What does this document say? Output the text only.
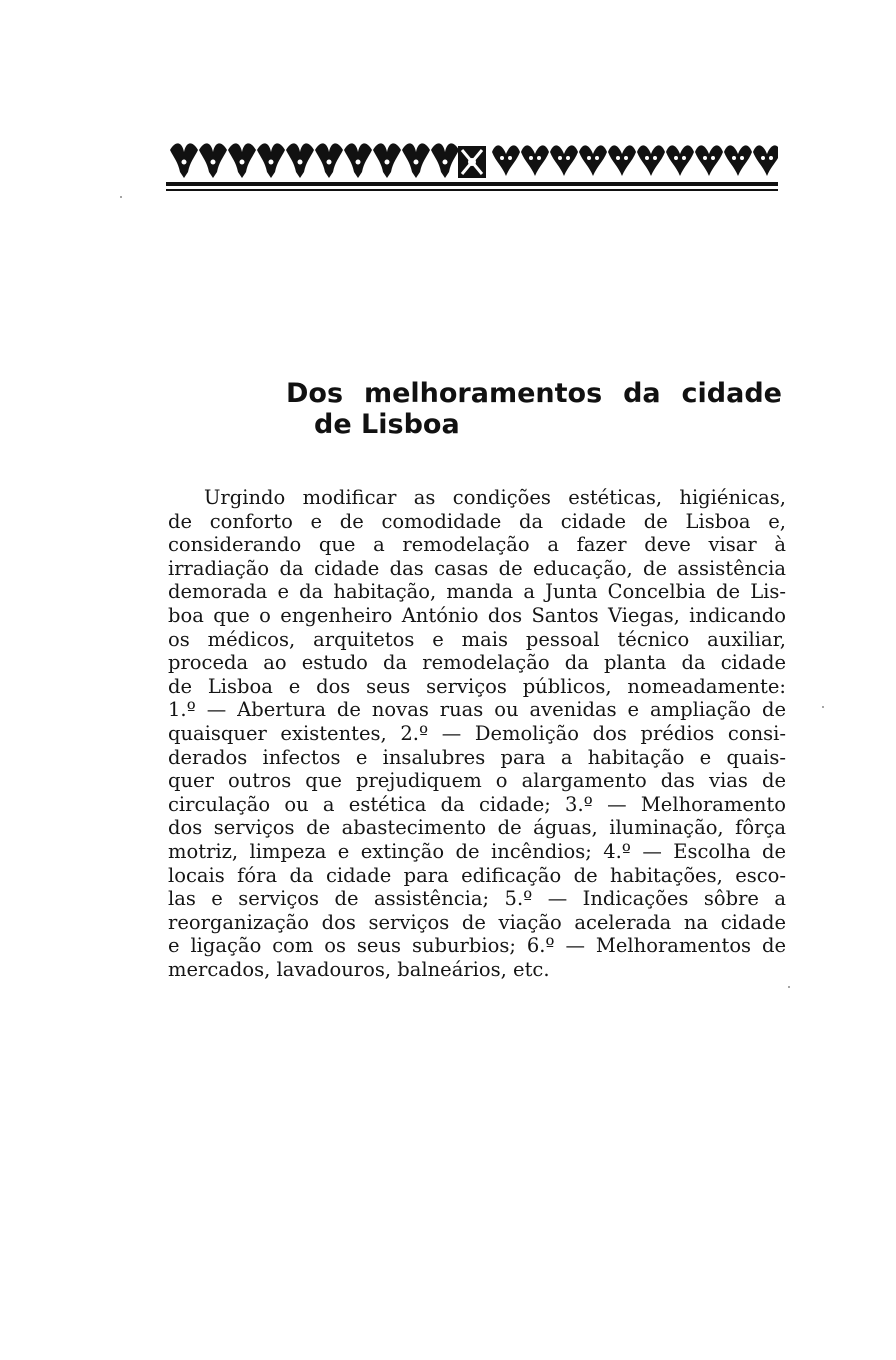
Dos melhoramentos da cidade
de Lisboa
Urgindo modificar as condições estéticas, higiénicas,
de conforto e de comodidade da cidade de Lisboa e,
considerando que a remodelação a fazer deve visar à
irradiação da cidade das casas de educação, de assistência
demorada e da habitação, manda a Junta Concelbia de Lis-
boa que o engenheiro António dos Santos Viegas, indicando
os médicos, arquitetos e mais pessoal técnico auxiliar,
proceda ao estudo da remodelação da planta da cidade
de Lisboa e dos seus serviços públicos, nomeadamente:
1.º — Abertura de novas ruas ou avenidas e ampliação de
quaisquer existentes, 2.º — Demolição dos prédios consi-
derados infectos e insalubres para a habitação e quais-
quer outros que prejudiquem o alargamento das vias de
circulação ou a estética da cidade; 3.º — Melhoramento
dos serviços de abastecimento de águas, iluminação, fôrça
motriz, limpeza e extinção de incêndios; 4.º — Escolha de
locais fóra da cidade para edificação de habitações, esco-
las e serviços de assistência; 5.º — Indicações sôbre a
reorganização dos serviços de viação acelerada na cidade
e ligação com os seus suburbios; 6.º — Melhoramentos de
mercados, lavadouros, balneários, etc.
